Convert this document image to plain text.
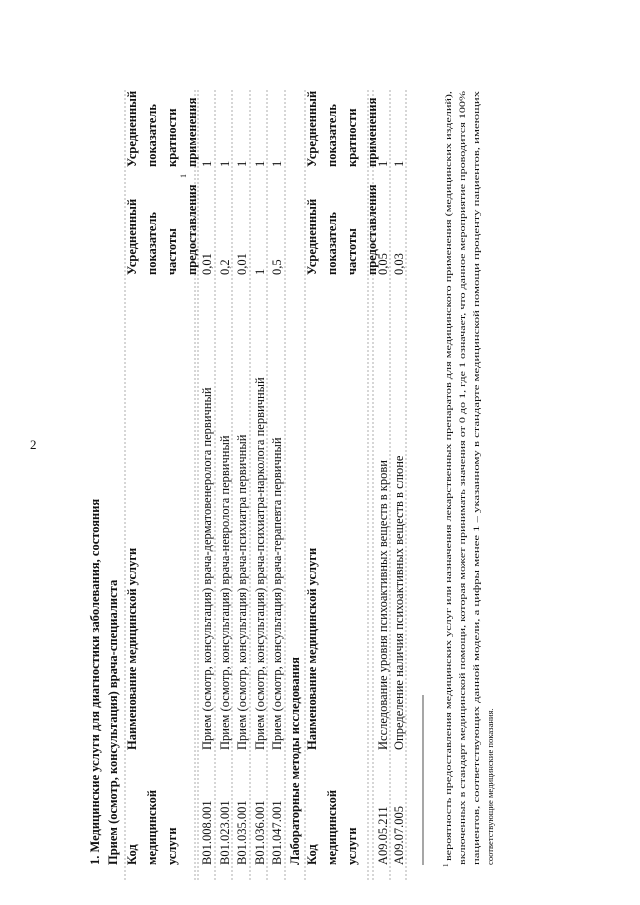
2
1. Медицинские услуги для диагностики заболевания, состояния Прием (осмотр, консультация) врача-специалиста Код медицинской услуги
Наименование медицинской услуги
Усредненный показатель частоты предоставления
1
Усредненный показатель кратности применения
B01.008.001
Прием (осмотр, консультация) врача-дерматовенеролога первичный
0,01
1
B01.023.001
Прием (осмотр, консультация) врача-невролога первичный
0,2
1
B01.035.001
Прием (осмотр, консультация) врача-психиатра первичный
0,01
1
B01.036.001
Прием (осмотр, консультация) врача-психиатра-нарколога первичный
1
1
B01.047.001
Прием (осмотр, консультация) врача-терапевта первичный
0,5
1
Лабораторные методы исследования Код медицинской услуги
Наименование медицинской услуги
Усредненный показатель частоты предоставления
Усредненный показатель кратности применения
A09.05.211
Исследование уровня психоактивных веществ в крови
0,05
1
A09.07.005
Определение наличия психоактивных веществ в слюне
0,03
1
1
вероятность предоставления медицинских услуг или назначения лекарственных препаратов для медицинского применения (медицинских изделий), включенных в стандарт медицинской помощи, которая может принимать значения от 0 до 1, где 1 означает, что данное мероприятие проводится 100% пациентов, соответствующих данной модели, а цифры менее 1 – указанному в стандарте медицинской помощи проценту пациентов, имеющих соответствующие медицинские показания.
